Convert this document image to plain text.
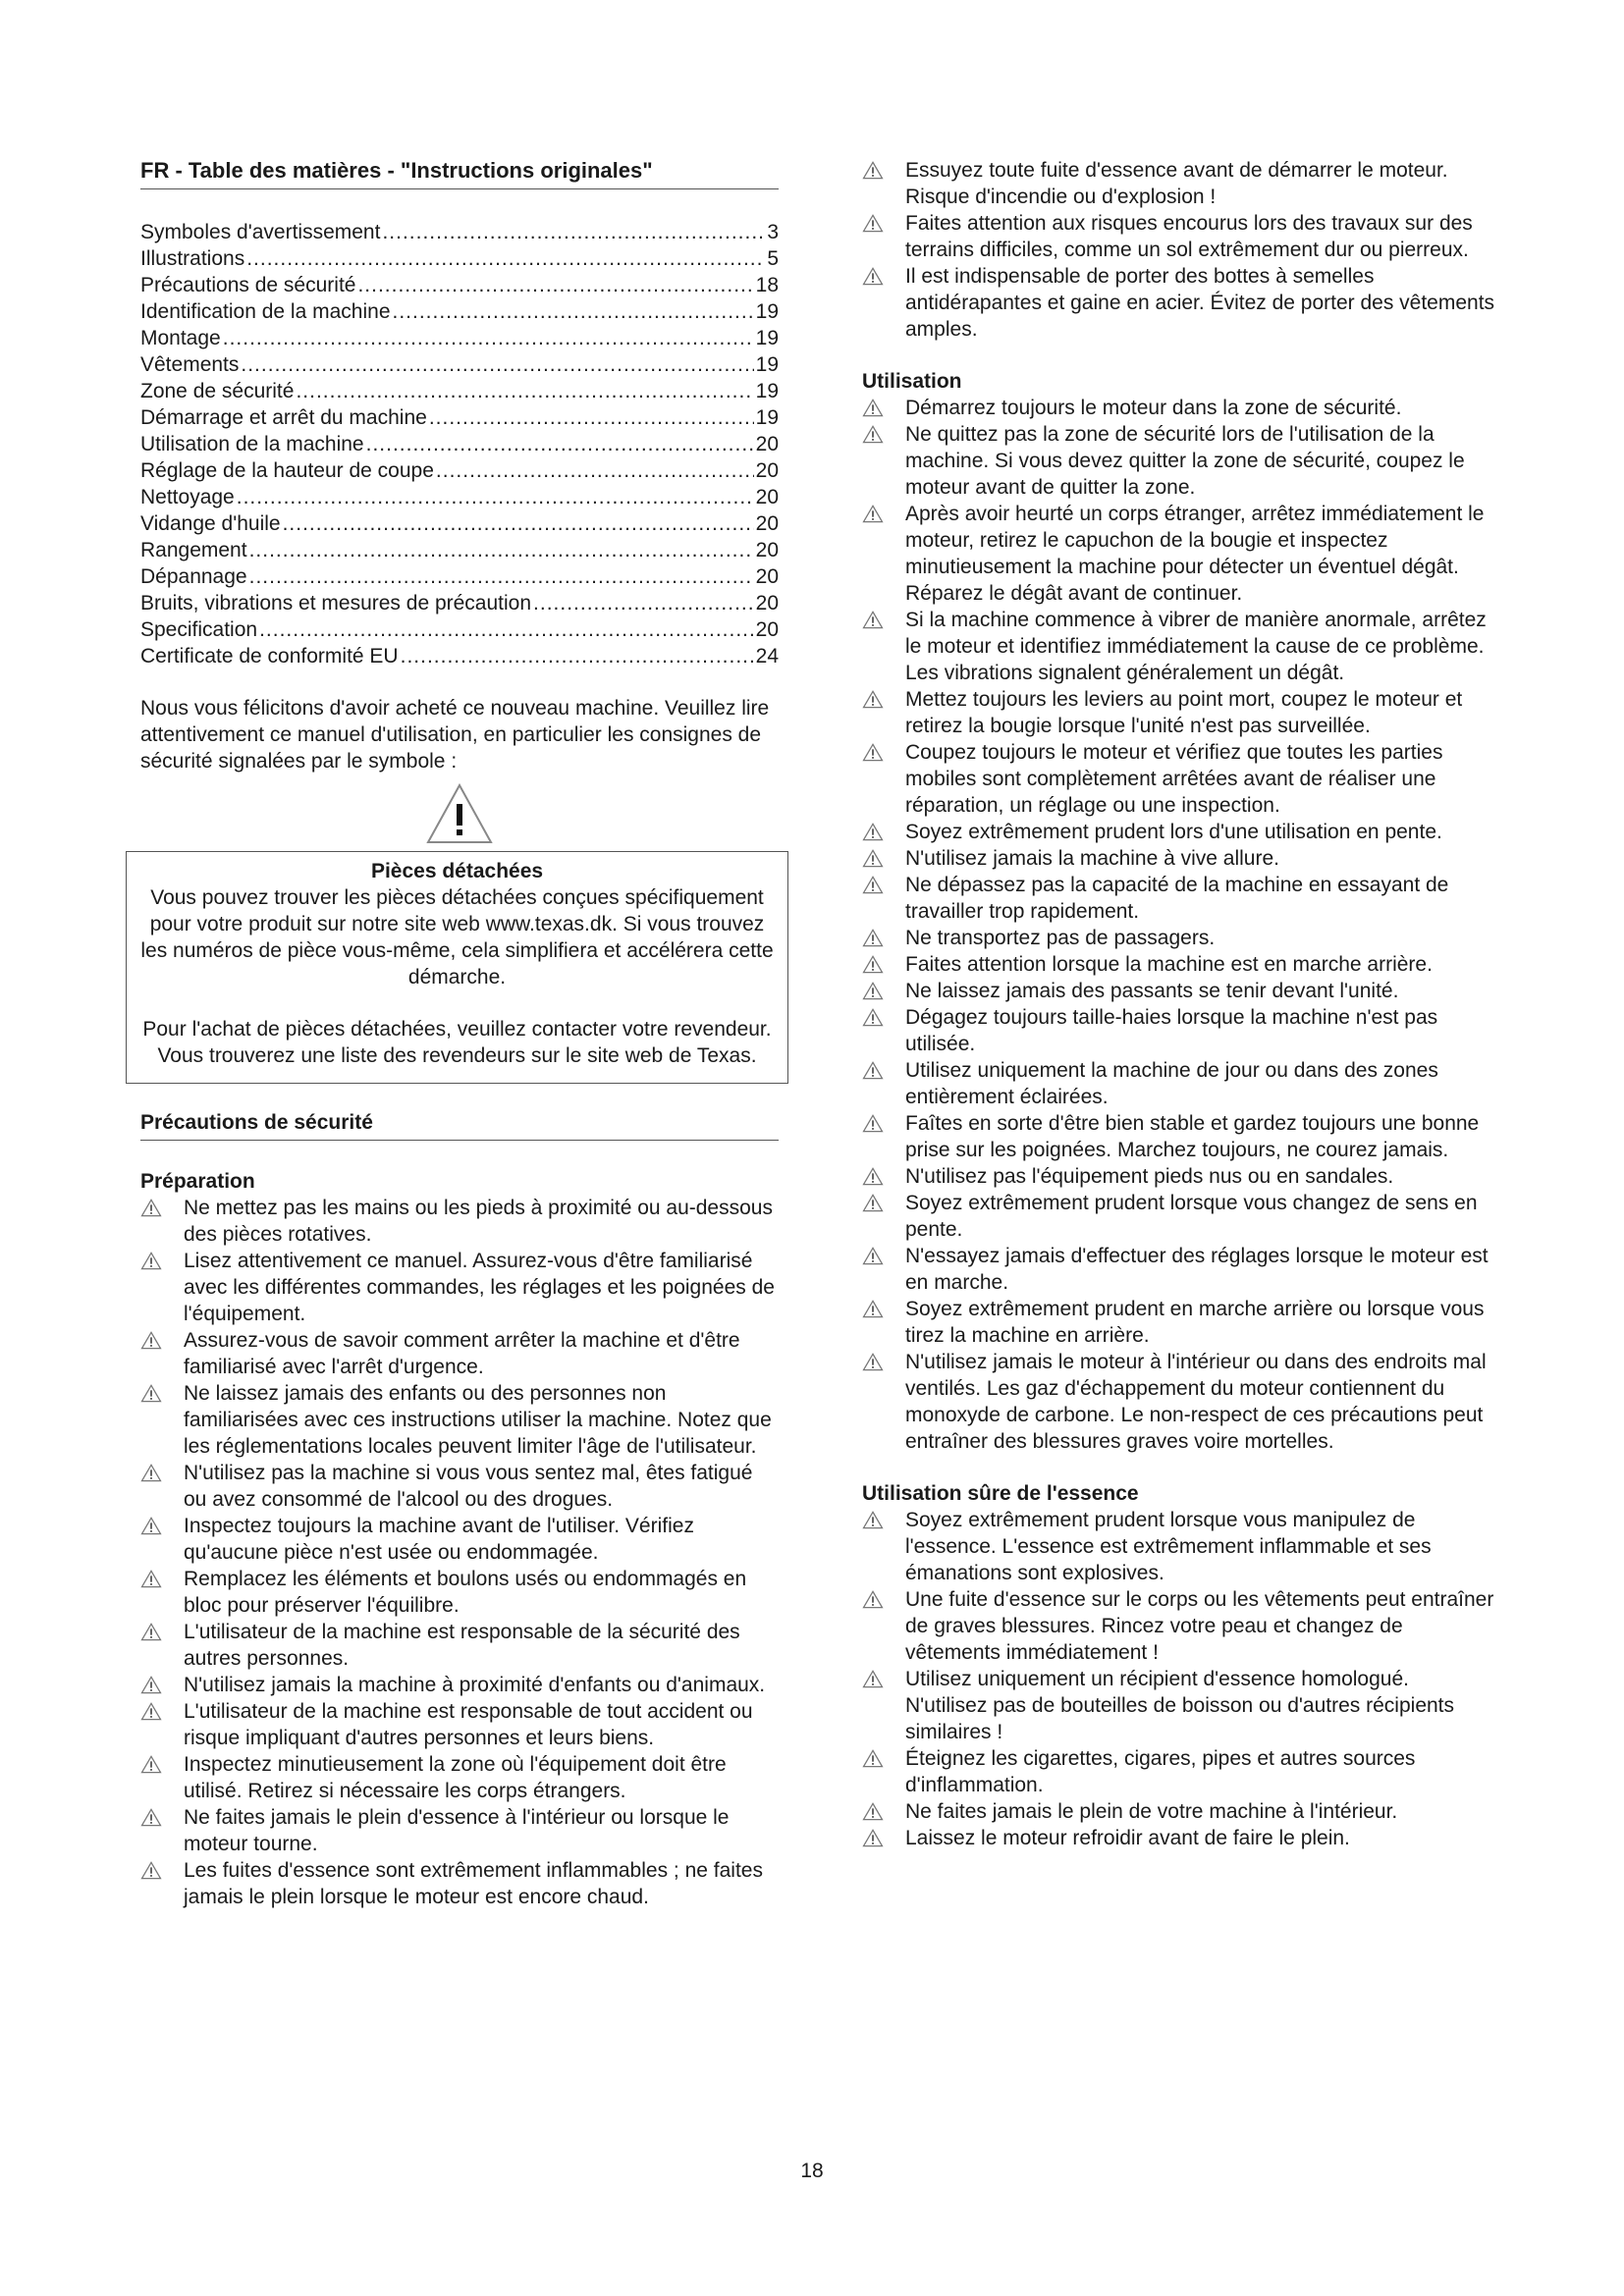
FR - Table des matières - "Instructions originales"
Symboles d'avertissement .....	3
Illustrations .....	5
Précautions de sécurité .....	18
Identification de la machine .....	19
Montage .....	19
Vêtements .....	19
Zone de sécurité .....	19
Démarrage et arrêt du machine .....	19
Utilisation de la machine .....	20
Réglage de la hauteur de coupe .....	20
Nettoyage .....	20
Vidange d'huile .....	20
Rangement .....	20
Dépannage .....	20
Bruits, vibrations et mesures de précaution .....	20
Specification .....	20
Certificate de conformité EU .....	24
Nous vous félicitons d'avoir acheté ce nouveau machine. Veuillez lire attentivement ce manuel d'utilisation, en particulier les consignes de sécurité signalées par le symbole :
Pièces détachées
Vous pouvez trouver les pièces détachées conçues spécifiquement pour votre produit sur notre site web www.texas.dk. Si vous trouvez les numéros de pièce vous-même, cela simplifiera et accélérera cette démarche.
Pour l'achat de pièces détachées, veuillez contacter votre revendeur. Vous trouverez une liste des revendeurs sur le site web de Texas.
Précautions de sécurité
Préparation
Ne mettez pas les mains ou les pieds à proximité ou au-dessous des pièces rotatives.
Lisez attentivement ce manuel. Assurez-vous d'être familiarisé avec les différentes commandes, les réglages et les poignées de l'équipement.
Assurez-vous de savoir comment arrêter la machine et d'être familiarisé avec l'arrêt d'urgence.
Ne laissez jamais des enfants ou des personnes non familiarisées avec ces instructions utiliser la machine. Notez que les réglementations locales peuvent limiter l'âge de l'utilisateur.
N'utilisez pas la machine si vous vous sentez mal, êtes fatigué ou avez consommé de l'alcool ou des drogues.
Inspectez toujours la machine avant de l'utiliser. Vérifiez qu'aucune pièce n'est usée ou endommagée.
Remplacez les éléments et boulons usés ou endommagés en bloc pour préserver l'équilibre.
L'utilisateur de la machine est responsable de la sécurité des autres personnes.
N'utilisez jamais la machine à proximité d'enfants ou d'animaux.
L'utilisateur de la machine est responsable de tout accident ou risque impliquant d'autres personnes et leurs biens.
Inspectez minutieusement la zone où l'équipement doit être utilisé. Retirez si nécessaire les corps étrangers.
Ne faites jamais le plein d'essence à l'intérieur ou lorsque le moteur tourne.
Les fuites d'essence sont extrêmement inflammables ; ne faites jamais le plein lorsque le moteur est encore chaud.
Essuyez toute fuite d'essence avant de démarrer le moteur. Risque d'incendie ou d'explosion !
Faites attention aux risques encourus lors des travaux sur des terrains difficiles, comme un sol extrêmement dur ou pierreux.
Il est indispensable de porter des bottes à semelles antidérapantes et gaine en acier. Évitez de porter des vêtements amples.
Utilisation
Démarrez toujours le moteur dans la zone de sécurité.
Ne quittez pas la zone de sécurité lors de l'utilisation de la machine. Si vous devez quitter la zone de sécurité, coupez le moteur avant de quitter la zone.
Après avoir heurté un corps étranger, arrêtez immédiatement le moteur, retirez le capuchon de la bougie et inspectez minutieusement la machine pour détecter un éventuel dégât. Réparez le dégât avant de continuer.
Si la machine commence à vibrer de manière anormale, arrêtez le moteur et identifiez immédiatement la cause de ce problème. Les vibrations signalent généralement un dégât.
Mettez toujours les leviers au point mort, coupez le moteur et retirez la bougie lorsque l'unité n'est pas surveillée.
Coupez toujours le moteur et vérifiez que toutes les parties mobiles sont complètement arrêtées avant de réaliser une réparation, un réglage ou une inspection.
Soyez extrêmement prudent lors d'une utilisation en pente.
N'utilisez jamais la machine à vive allure.
Ne dépassez pas la capacité de la machine en essayant de travailler trop rapidement.
Ne transportez pas de passagers.
Faites attention lorsque la machine est en marche arrière.
Ne laissez jamais des passants se tenir devant l'unité.
Dégagez toujours taille-haies lorsque la machine n'est pas utilisée.
Utilisez uniquement la machine de jour ou dans des zones entièrement éclairées.
Faîtes en sorte d'être bien stable et gardez toujours une bonne prise sur les poignées. Marchez toujours, ne courez jamais.
N'utilisez pas l'équipement pieds nus ou en sandales.
Soyez extrêmement prudent lorsque vous changez de sens en pente.
N'essayez jamais d'effectuer des réglages lorsque le moteur est en marche.
Soyez extrêmement prudent en marche arrière ou lorsque vous tirez la machine en arrière.
N'utilisez jamais le moteur à l'intérieur ou dans des endroits mal ventilés. Les gaz d'échappement du moteur contiennent du monoxyde de carbone. Le non-respect de ces précautions peut entraîner des blessures graves voire mortelles.
Utilisation sûre de l'essence
Soyez extrêmement prudent lorsque vous manipulez de l'essence. L'essence est extrêmement inflammable et ses émanations sont explosives.
Une fuite d'essence sur le corps ou les vêtements peut entraîner de graves blessures. Rincez votre peau et changez de vêtements immédiatement !
Utilisez uniquement un récipient d'essence homologué. N'utilisez pas de bouteilles de boisson ou d'autres récipients similaires !
Éteignez les cigarettes, cigares, pipes et autres sources d'inflammation.
Ne faites jamais le plein de votre machine à l'intérieur.
Laissez le moteur refroidir avant de faire le plein.
18
